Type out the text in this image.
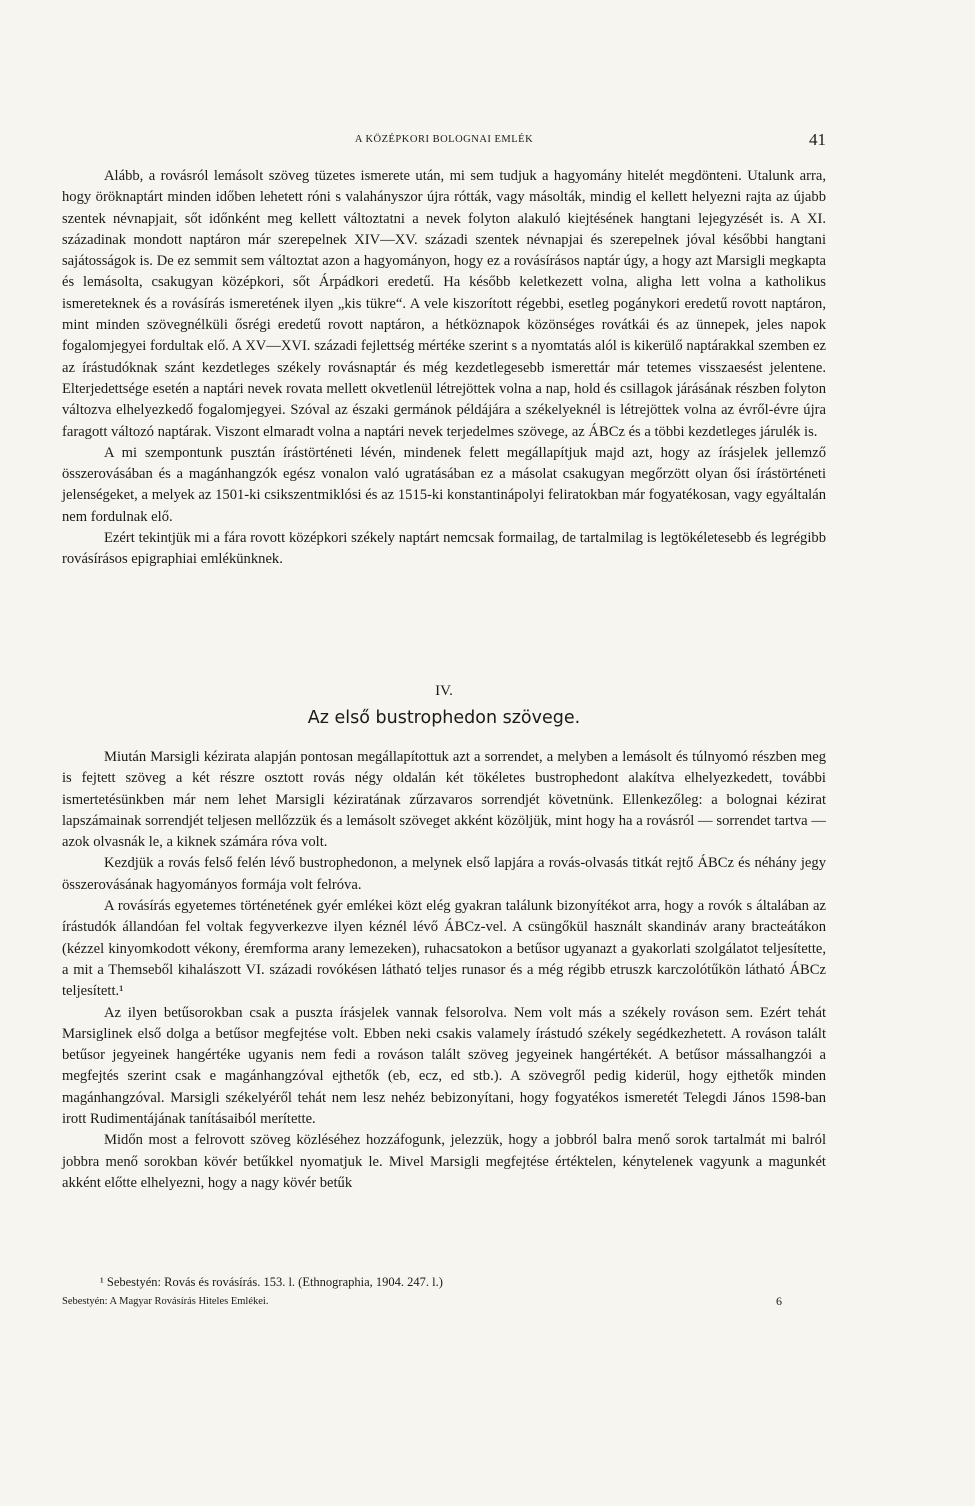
A KÖZÉPKORI BOLOGNAI EMLÉK	41

Alább, a rovásról lemásolt szöveg tüzetes ismerete után, mi sem tudjuk a hagyomány hitelét megdönteni. Utalunk arra, hogy öröknaptárt minden időben lehetett róni s valahányszor újra rótták, vagy másolták, mindig el kellett helyezni rajta az újabb szentek névnapjait, sőt időnként meg kellett változtatni a nevek folyton alakuló kiejtésének hangtani lejegyzését is. A XI. századinak mondott naptáron már szerepelnek XIV—XV. századi szentek névnapjai és szerepelnek jóval későbbi hangtani sajátosságok is. De ez semmit sem változtat azon a hagyományon, hogy ez a rovásírásos naptár úgy, a hogy azt Marsigli megkapta és lemásolta, csakugyan középkori, sőt Árpádkori eredetű. Ha később keletkezett volna, aligha lett volna a katholikus ismereteknek és a rovásírás ismeretének ilyen „kis tükre“. A vele kiszorított régebbi, esetleg pogánykori eredetű rovott naptáron, mint minden szövegnélküli ősrégi eredetű rovott naptáron, a hétköznapok közönséges rovátkái és az ünnepek, jeles napok fogalomjegyei fordultak elő. A XV—XVI. századi fejlettség mértéke szerint s a nyomtatás alól is kikerülő naptárakkal szemben ez az írástudóknak szánt kezdetleges székely rovásnaptár és még kezdetlegesebb ismerettár már tetemes visszaesést jelentene. Elterjedettsége esetén a naptári nevek rovata mellett okvetlenül létrejöttek volna a nap, hold és csillagok járásának részben folyton változva elhelyezkedő fogalomjegyei. Szóval az északi germánok példájára a székelyeknél is létrejöttek volna az évről-évre újra faragott változó naptárak. Viszont elmaradt volna a naptári nevek terjedelmes szövege, az ÁBCz és a többi kezdetleges járulék is.

A mi szempontunk pusztán írástörténeti lévén, mindenek felett megállapítjuk majd azt, hogy az írásjelek jellemző összerovásában és a magánhangzók egész vonalon való ugratásában ez a másolat csakugyan megőrzött olyan ősi írástörténeti jelenségeket, a melyek az 1501-ki csikszentmiklósi és az 1515-ki konstantinápolyi feliratokban már fogyatékosan, vagy egyáltalán nem fordulnak elő.

Ezért tekintjük mi a fára rovott középkori székely naptárt nemcsak formailag, de tartalmilag is legtökéletesebb és legrégibb rovásírásos epigraphiai emlékünknek.

IV.
Az első bustrophedon szövege.

Miután Marsigli kézirata alapján pontosan megállapítottuk azt a sorrendet, a melyben a lemásolt és túlnyomó részben meg is fejtett szöveg a két részre osztott rovás négy oldalán két tökéletes bustrophedont alakítva elhelyezkedett, további ismertetésünkben már nem lehet Marsigli kéziratának zűrzavaros sorrendjét követnünk. Ellenkezőleg: a bolognai kézirat lapszámainak sorrendjét teljesen mellőzzük és a lemásolt szöveget akként közöljük, mint hogy ha a rovásról — sorrendet tartva — azok olvasnák le, a kiknek számára róva volt.

Kezdjük a rovás felső felén lévő bustrophedonon, a melynek első lapjára a rovás-olvasás titkát rejtő ÁBCz és néhány jegy összerovásának hagyományos formája volt felróva.

A rovásírás egyetemes történetének gyér emlékei közt elég gyakran találunk bizonyítékot arra, hogy a rovók s általában az írástudók állandóan fel voltak fegyverkezve ilyen kéznél lévő ÁBCz-vel. A csüngőkül használt skandináv arany bracteátákon (kézzel kinyomkodott vékony, éremforma arany lemezeken), ruhacsatokon a betűsor ugyanazt a gyakorlati szolgálatot teljesítette, a mit a Themseből kihalászott VI. századi rovókésen látható teljes runasor és a még régibb etruszk karczolótűkön látható ÁBCz teljesített.¹

Az ilyen betűsorokban csak a puszta írásjelek vannak felsorolva. Nem volt más a székely rováson sem. Ezért tehát Marsiglinek első dolga a betűsor megfejtése volt. Ebben neki csakis valamely írástudó székely segédkezhetett. A rováson talált betűsor jegyeinek hangértéke ugyanis nem fedi a rováson talált szöveg jegyeinek hangértékét. A betűsor mássalhangzói a megfejtés szerint csak e magánhangzóval ejthetők (eb, ecz, ed stb.). A szövegről pedig kiderül, hogy ejthetők minden magánhangzóval. Marsigli székelyéről tehát nem lesz nehéz bebizonyítani, hogy fogyatékos ismeretét Telegdi János 1598-ban irott Rudimentájának tanításaiból merítette.

Midőn most a felrovott szöveg közléséhez hozzáfogunk, jelezzük, hogy a jobbról balra menő sorok tartalmát mi balról jobbra menő sorokban kövér betűkkel nyomatjuk le. Mivel Marsigli megfejtése értéktelen, kénytelenek vagyunk a magunkét akként előtte elhelyezni, hogy a nagy kövér betűk

¹ Sebestyén: Rovás és rovásírás. 153. l. (Ethnographia, 1904. 247. l.)
Sebestyén: A Magyar Rovásírás Hiteles Emlékei.	6
